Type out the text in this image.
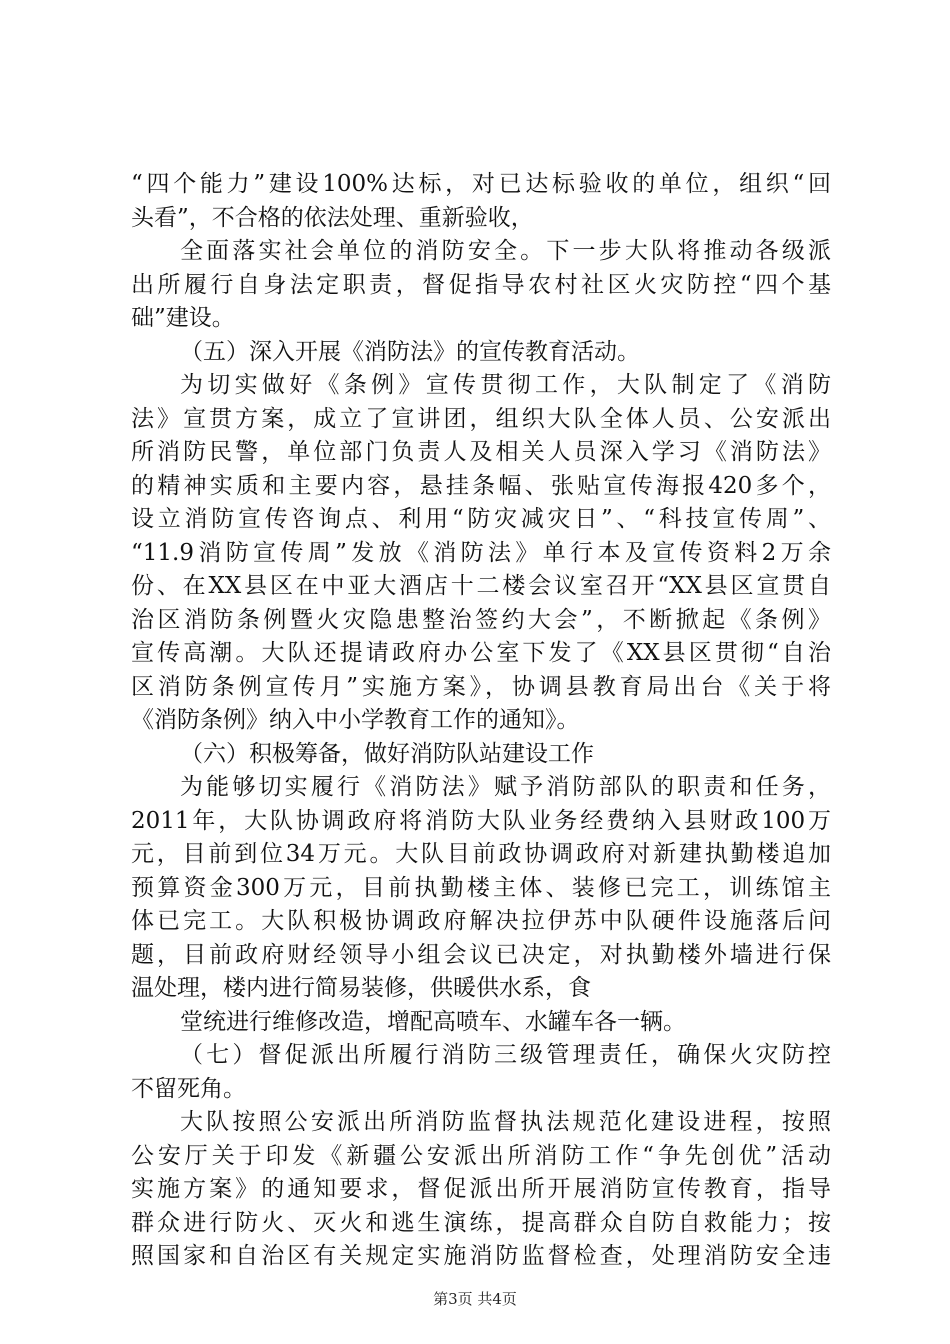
“四个能力”建设100%达标，对已达标验收的单位，组织“回
头看”，不合格的依法处理、重新验收，
全面落实社会单位的消防安全。下一步大队将推动各级派
出所履行自身法定职责，督促指导农村社区火灾防控“四个基
础”建设。
（五）深入开展《消防法》的宣传教育活动。
为切实做好《条例》宣传贯彻工作，大队制定了《消防
法》宣贯方案，成立了宣讲团，组织大队全体人员、公安派出
所消防民警，单位部门负责人及相关人员深入学习《消防法》
的精神实质和主要内容，悬挂条幅、张贴宣传海报420多个，
设立消防宣传咨询点、利用“防灾减灾日”、“科技宣传周”、
“11.9消防宣传周”发放《消防法》单行本及宣传资料2万余
份、在XX县区在中亚大酒店十二楼会议室召开“XX县区宣贯自
治区消防条例暨火灾隐患整治签约大会”，不断掀起《条例》
宣传高潮。大队还提请政府办公室下发了《XX县区贯彻“自治
区消防条例宣传月”实施方案》，协调县教育局出台《关于将
《消防条例》纳入中小学教育工作的通知》。
（六）积极筹备，做好消防队站建设工作
为能够切实履行《消防法》赋予消防部队的职责和任务，
2011年，大队协调政府将消防大队业务经费纳入县财政100万
元，目前到位34万元。大队目前政协调政府对新建执勤楼追加
预算资金300万元，目前执勤楼主体、装修已完工，训练馆主
体已完工。大队积极协调政府解决拉伊苏中队硬件设施落后问
题，目前政府财经领导小组会议已决定，对执勤楼外墙进行保
温处理，楼内进行简易装修，供暖供水系，食
堂统进行维修改造，增配高喷车、水罐车各一辆。
（七）督促派出所履行消防三级管理责任，确保火灾防控
不留死角。
大队按照公安派出所消防监督执法规范化建设进程，按照
公安厅关于印发《新疆公安派出所消防工作“争先创优”活动
实施方案》的通知要求，督促派出所开展消防宣传教育，指导
群众进行防火、灭火和逃生演练，提高群众自防自救能力；按
照国家和自治区有关规定实施消防监督检查，处理消防安全违
第3页 共4页
